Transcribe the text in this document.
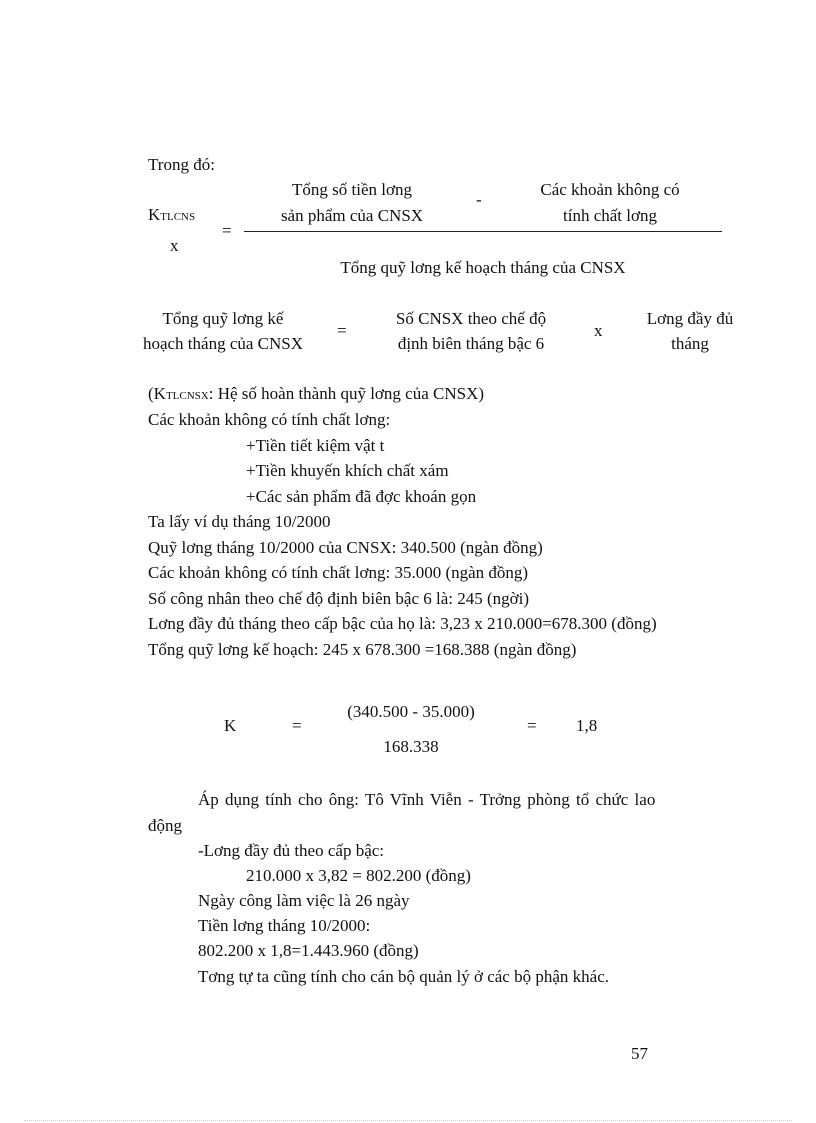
Trong đó:
Tổng số tiền lơng
sản phẩm của CNSX
-
Các khoản không có
tính chất lơng
KTLCNS
=
x
Tổng quỹ lơng kế hoạch tháng của CNSX
Tổng quỹ lơng kế
hoạch tháng của CNSX
=
Số CNSX theo chế độ
định biên tháng bậc 6
x
Lơng đầy đủ
tháng
(KTLCNSX: Hệ số hoàn thành quỹ lơng của CNSX)
Các khoản không có tính chất lơng:
+Tiền tiết kiệm vật t
+Tiền khuyến khích chất xám
+Các sản phẩm đã đợc khoán gọn
Ta lấy ví dụ tháng 10/2000
Quỹ lơng tháng 10/2000 của CNSX: 340.500 (ngàn đồng)
Các khoản không có tính chất lơng: 35.000 (ngàn đồng)
Số công nhân theo chế độ định biên bậc 6 là: 245 (ngời)
Lơng đầy đủ tháng theo cấp bậc của họ là: 3,23 x 210.000=678.300 (đồng)
Tổng quỹ lơng kế hoạch: 245 x 678.300 =168.388 (ngàn đồng)
K	=
(340.500 - 35.000)
168.338
= 1,8
Áp dụng tính cho ông: Tô Vĩnh Viễn - Trởng phòng tổ chức lao
động
-Lơng đầy đủ theo cấp bậc:
210.000 x 3,82 = 802.200 (đồng)
Ngày công làm việc là 26 ngày
Tiền lơng tháng 10/2000:
802.200 x 1,8=1.443.960 (đồng)
Tơng tự ta cũng tính cho cán bộ quản lý ở các bộ phận khác.
57
